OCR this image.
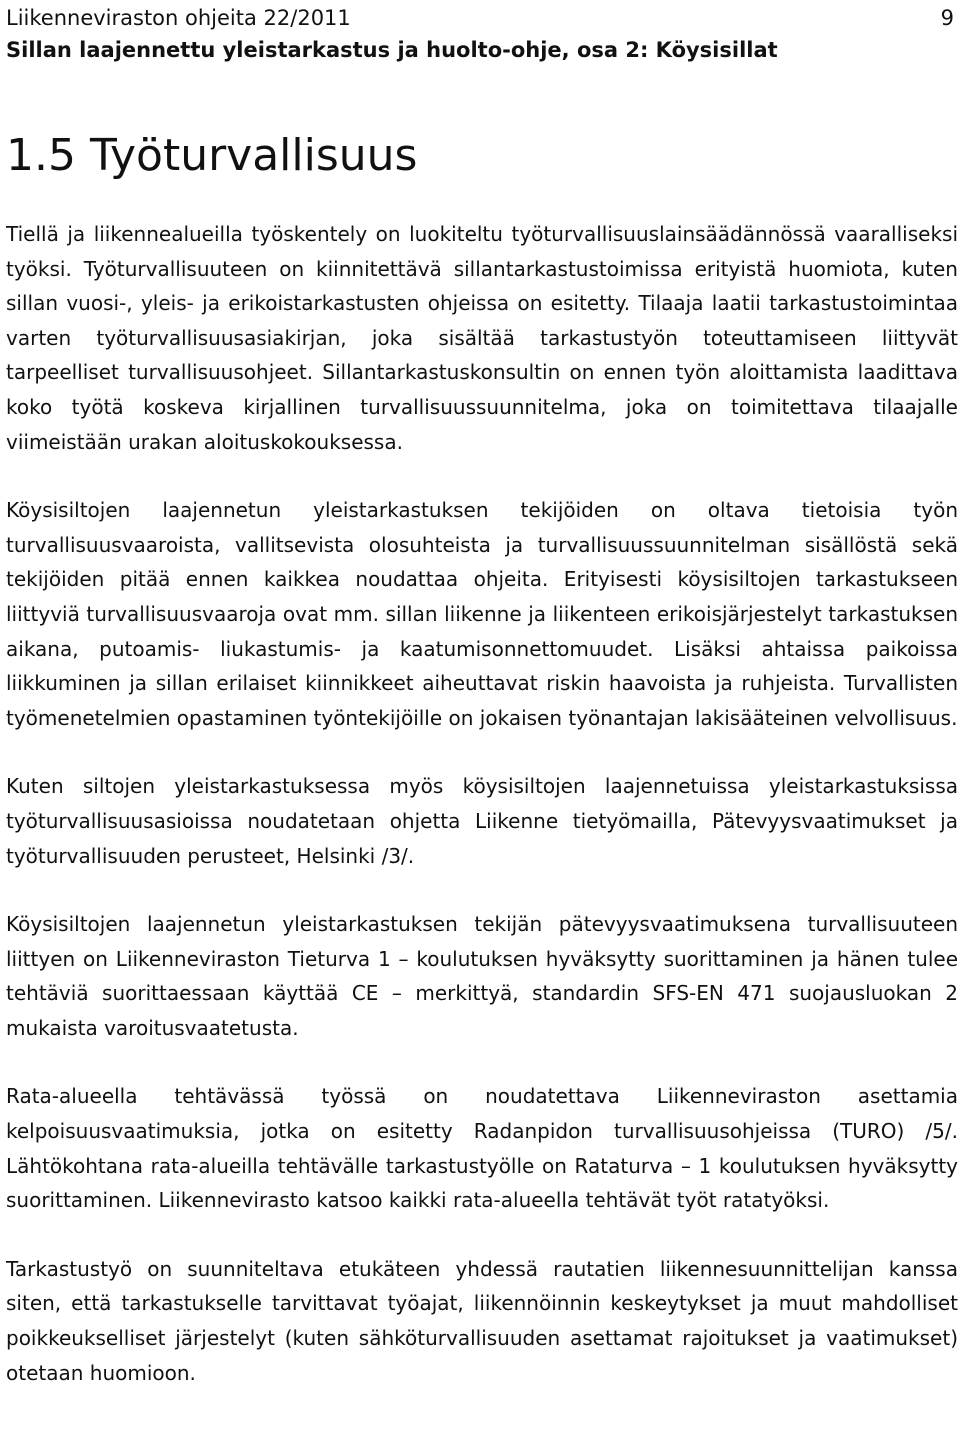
Liikenneviraston ohjeita 22/2011
Sillan laajennettu yleistarkastus ja huolto-ohje, osa 2: Köysisillat
9
1.5 Työturvallisuus

Tiellä ja liikennealueilla työskentely on luokiteltu työturvallisuuslainsäädännössä vaaralliseksi työksi. Työturvallisuuteen on kiinnitettävä sillantarkastustoimissa erityistä huomiota, kuten sillan vuosi-, yleis- ja erikoistarkastusten ohjeissa on esitetty. Tilaaja laatii tarkastustoimintaa varten työturvallisuusasiakirjan, joka sisältää tarkastustyön toteuttamiseen liittyvät tarpeelliset turvallisuusohjeet. Sillantarkastuskonsultin on ennen työn aloittamista laadittava koko työtä koskeva kirjallinen turvallisuussuunnitelma, joka on toimitettava tilaajalle viimeistään urakan aloituskokouksessa.

Köysisiltojen laajennetun yleistarkastuksen tekijöiden on oltava tietoisia työn turvallisuusvaaroista, vallitsevista olosuhteista ja turvallisuussuunnitelman sisällöstä sekä tekijöiden pitää ennen kaikkea noudattaa ohjeita. Erityisesti köysisiltojen tarkastukseen liittyviä turvallisuusvaaroja ovat mm. sillan liikenne ja liikenteen erikoisjärjestelyt tarkastuksen aikana, putoamis- liukastumis- ja kaatumisonnettomuudet. Lisäksi ahtaissa paikoissa liikkuminen ja sillan erilaiset kiinnikkeet aiheuttavat riskin haavoista ja ruhjeista. Turvallisten työmenetelmien opastaminen työntekijöille on jokaisen työnantajan lakisääteinen velvollisuus.

Kuten siltojen yleistarkastuksessa myös köysisiltojen laajennetuissa yleistarkastuksissa työturvallisuusasioissa noudatetaan ohjetta Liikenne tietyömailla, Pätevyysvaatimukset ja työturvallisuuden perusteet, Helsinki /3/.

Köysisiltojen laajennetun yleistarkastuksen tekijän pätevyysvaatimuksena turvallisuuteen liittyen on Liikenneviraston Tieturva 1 – koulutuksen hyväksytty suorittaminen ja hänen tulee tehtäviä suorittaessaan käyttää CE – merkittyä, standardin SFS-EN 471 suojausluokan 2 mukaista varoitusvaatetusta.

Rata-alueella tehtävässä työssä on noudatettava Liikenneviraston asettamia kelpoisuusvaatimuksia, jotka on esitetty Radanpidon turvallisuusohjeissa (TURO) /5/. Lähtökohtana rata-alueilla tehtävälle tarkastustyölle on Rataturva – 1 koulutuksen hyväksytty suorittaminen. Liikennevirasto katsoo kaikki rata-alueella tehtävät työt ratatyöksi.

Tarkastustyö on suunniteltava etukäteen yhdessä rautatien liikennesuunnittelijan kanssa siten, että tarkastukselle tarvittavat työajat, liikennöinnin keskeytykset ja muut mahdolliset poikkeukselliset järjestelyt (kuten sähköturvallisuuden asettamat rajoitukset ja vaatimukset) otetaan huomioon.
